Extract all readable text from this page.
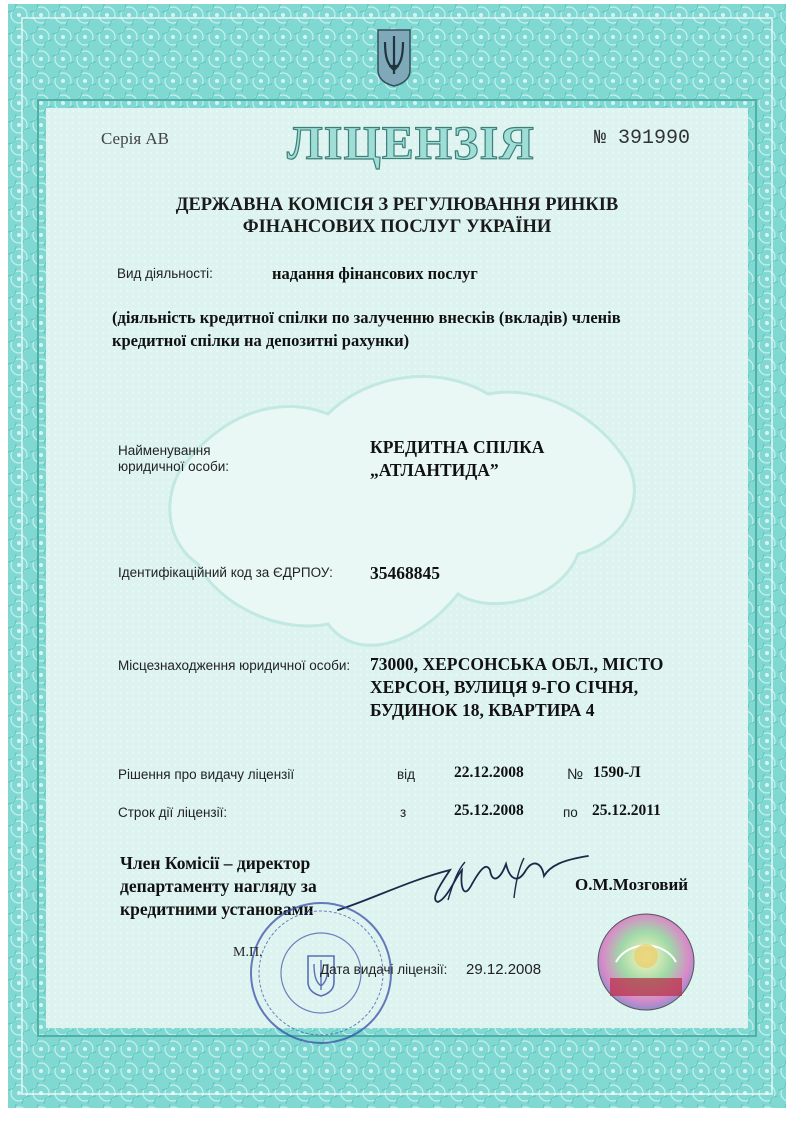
Серія АВ ЛІЦЕНЗІЯ	№ 391990
ДЕРЖАВНА КОМІСІЯ З РЕГУЛЮВАННЯ РИНКІВ
ФІНАНСОВИХ ПОСЛУГ УКРАЇНИ
Вид діяльності:	надання фінансових послуг
(діяльність кредитної спілки по залученню внесків (вкладів) членів
кредитної спілки на депозитні рахунки)
Найменування
юридичної особи:
КРЕДИТНА СПІЛКА
„АТЛАНТИДА”
Ідентифікаційний код за ЄДРПОУ: 35468845
Місцезнаходження юридичної особи: 73000, ХЕРСОНСЬКА ОБЛ., МІСТО
ХЕРСОН, ВУЛИЦЯ 9-ГО СІЧНЯ,
БУДИНОК 18, КВАРТИРА 4
Рішення про видачу ліцензії	від	22.12.2008	№ 1590-Л
Строк дії ліцензії:	з	25.12.2008	по 25.12.2011
Член Комісії – директор
департаменту нагляду за
кредитними установами
О.М.Мозговий
М.П.
Дата видачі ліцензії: 29.12.2008
